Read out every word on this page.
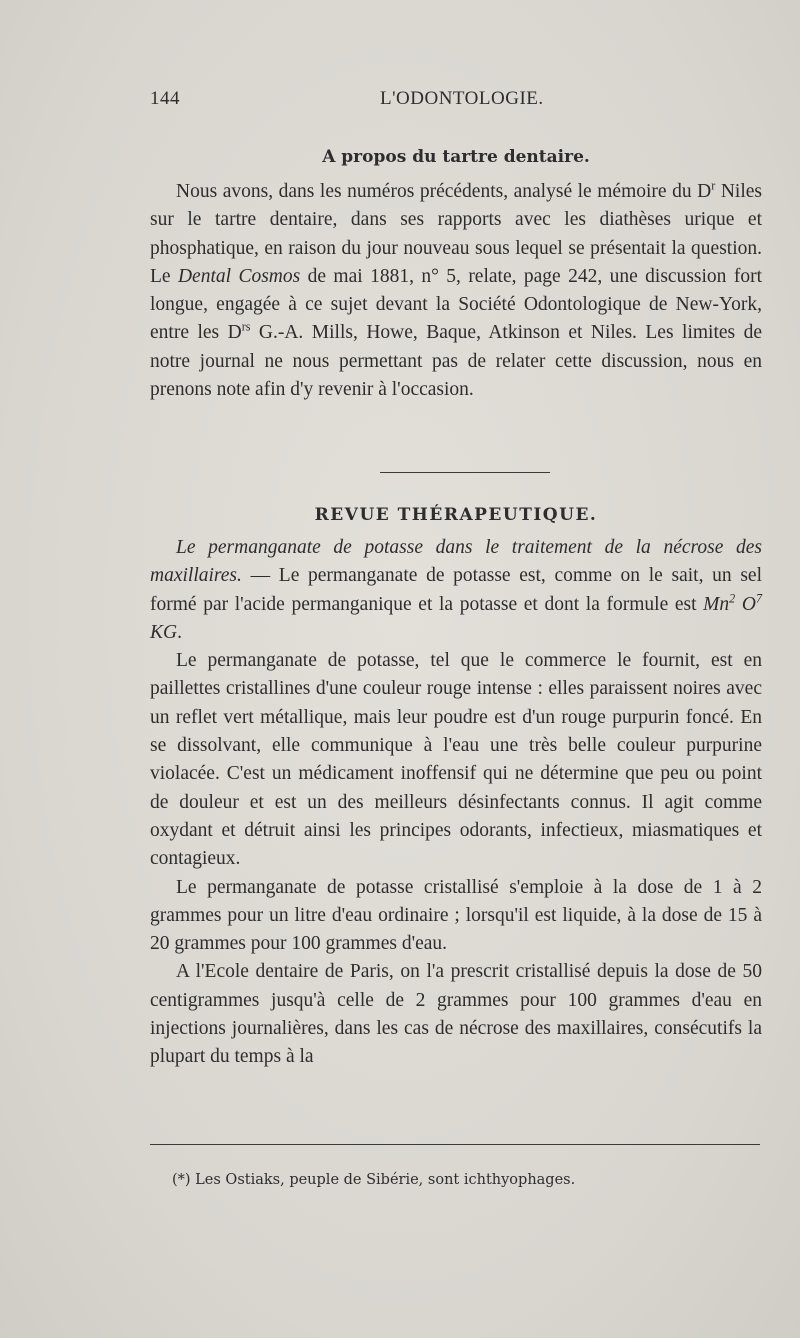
144	L'ODONTOLOGIE.
A propos du tartre dentaire.

Nous avons, dans les numéros précédents, analysé le mémoire du $D^r$ Niles sur le tartre dentaire, dans ses rapports avec les diathèses urique et phosphatique, en raison du jour nouveau sous lequel se présentait la question. Le Dental Cosmos de mai 1881, n° 5, relate, page 242, une discussion fort longue, engagée à ce sujet devant la Société Odontologique de New-York, entre les $D^{rs}$ G.-A. Mills, Howe, Baque, Atkinson et Niles. Les limites de notre journal ne nous permettant pas de relater cette discussion, nous en prenons note afin d'y revenir à l'occasion.

REVUE THÉRAPEUTIQUE.

Le permanganate de potasse dans le traitement de la nécrose des maxillaires. — Le permanganate de potasse est, comme on le sait, un sel formé par l'acide permanganique et la potasse et dont la formule est Mn$^2$ $O^7$ KG.

Le permanganate de potasse, tel que le commerce le fournit, est en paillettes cristallines d'une couleur rouge intense : elles paraissent noires avec un reflet vert métallique, mais leur poudre est d'un rouge purpurin foncé. En se dissolvant, elle communique à l'eau une très belle couleur purpurine violacée. C'est un médicament inoffensif qui ne détermine que peu ou point de douleur et est un des meilleurs désinfectants connus. Il agit comme oxydant et détruit ainsi les principes odorants, infectieux, miasmatiques et contagieux.

Le permanganate de potasse cristallisé s'emploie à la dose de 1 à 2 grammes pour un litre d'eau ordinaire ; lorsqu'il est liquide, à la dose de 15 à 20 grammes pour 100 grammes d'eau.

A l'Ecole dentaire de Paris, on l'a prescrit cristallisé depuis la dose de 50 centigrammes jusqu'à celle de 2 grammes pour 100 grammes d'eau en injections journalières, dans les cas de nécrose des maxillaires, consécutifs la plupart du temps à la

(*) Les Ostiaks, peuple de Sibérie, sont ichthyophages.
